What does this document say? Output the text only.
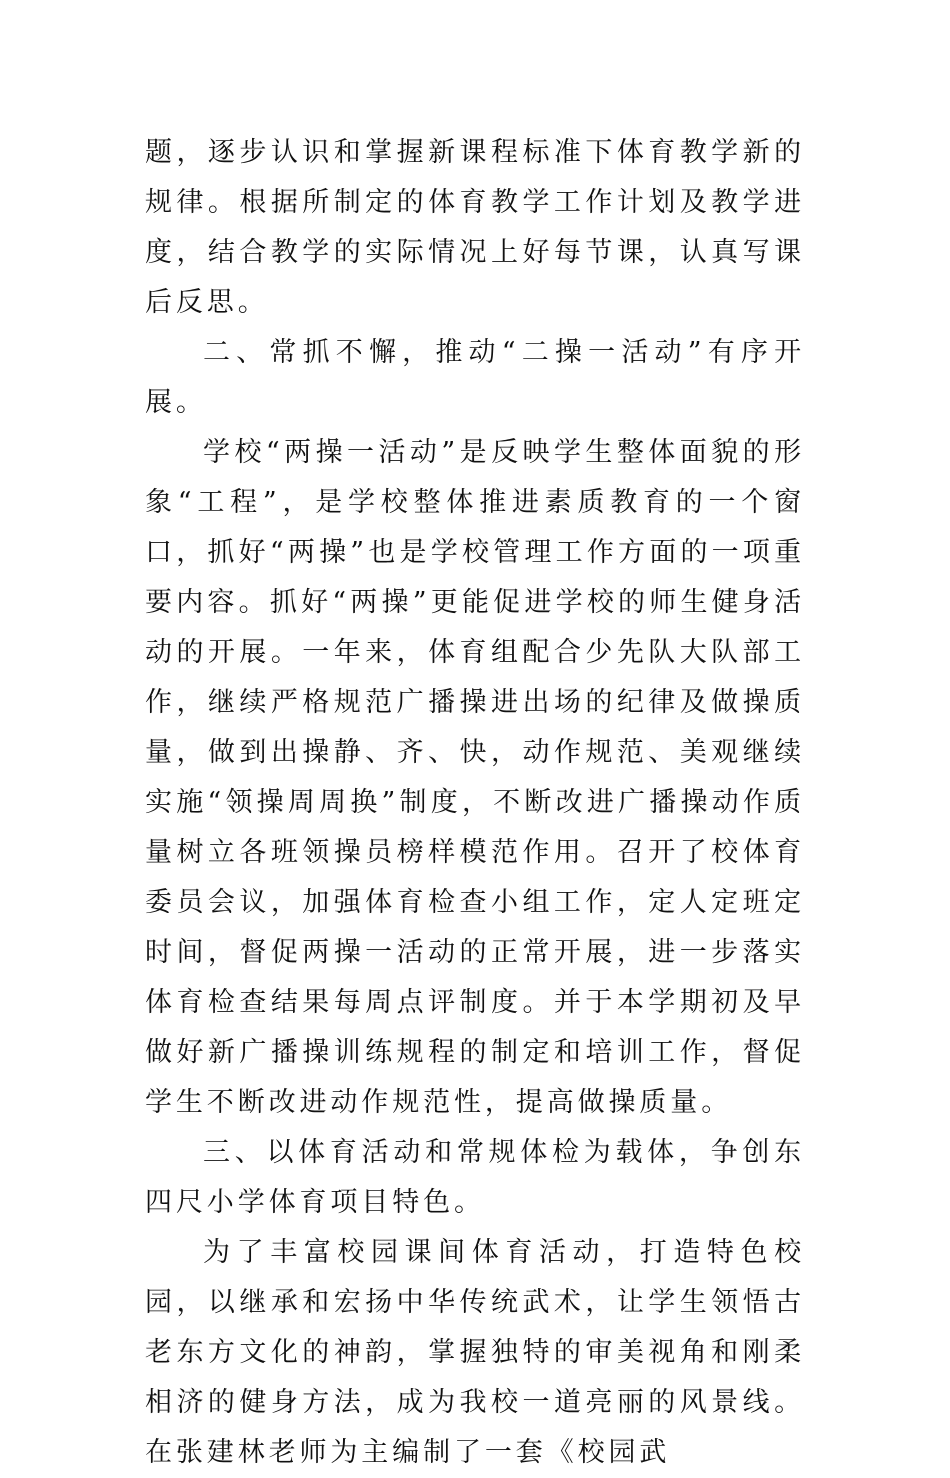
题，逐步认识和掌握新课程标准下体育教学新的规律。根据所制定的体育教学工作计划及教学进度，结合教学的实际情况上好每节课，认真写课后反思。

二、常抓不懈，推动“二操一活动”有序开展。

学校“两操一活动”是反映学生整体面貌的形象“工程”，是学校整体推进素质教育的一个窗口，抓好“两操”也是学校管理工作方面的一项重要内容。抓好“两操”更能促进学校的师生健身活动的开展。一年来，体育组配合少先队大队部工作，继续严格规范广播操进出场的纪律及做操质量，做到出操静、齐、快，动作规范、美观继续实施“领操周周换”制度，不断改进广播操动作质量树立各班领操员榜样模范作用。召开了校体育委员会议，加强体育检查小组工作，定人定班定时间，督促两操一活动的正常开展，进一步落实体育检查结果每周点评制度。并于本学期初及早做好新广播操训练规程的制定和培训工作，督促学生不断改进动作规范性，提高做操质量。

三、以体育活动和常规体检为载体，争创东四尺小学体育项目特色。

为了丰富校园课间体育活动，打造特色校园，以继承和宏扬中华传统武术，让学生领悟古老东方文化的神韵，掌握独特的审美视角和刚柔相济的健身方法，成为我校一道亮丽的风景线。在张建林老师为主编制了一套《校园武
